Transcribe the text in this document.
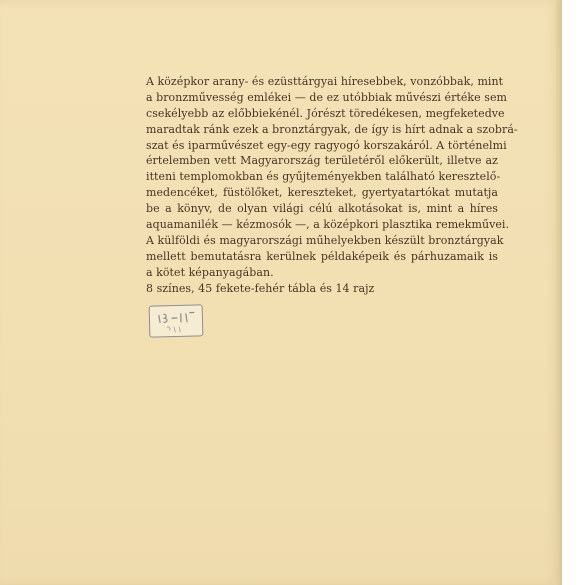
A középkor arany- és ezüsttárgyai híresebbek, vonzóbbak, mint
a bronzművesség emlékei — de ez utóbbiak művészi értéke sem
csekélyebb az előbbiekénél. Jórészt töredékesen, megfeketedve
maradtak ránk ezek a bronztárgyak, de így is hírt adnak a szobrá-
szat és iparművészet egy-egy ragyogó korszakáról. A történelmi
értelemben vett Magyarország területéről előkerült, illetve az
itteni templomokban és gyűjteményekben található keresztelő-
medencéket, füstölőket, kereszteket, gyertyatartókat mutatja
be a könyv, de olyan világi célú alkotásokat is, mint a híres
aquamanilék — kézmosók —, a középkori plasztika remekművei.
A külföldi és magyarországi műhelyekben készült bronztárgyak
mellett bemutatásra kerülnek példaképeik és párhuzamaik is
a kötet képanyagában.
8 színes, 45 fekete-fehér tábla és 14 rajz
